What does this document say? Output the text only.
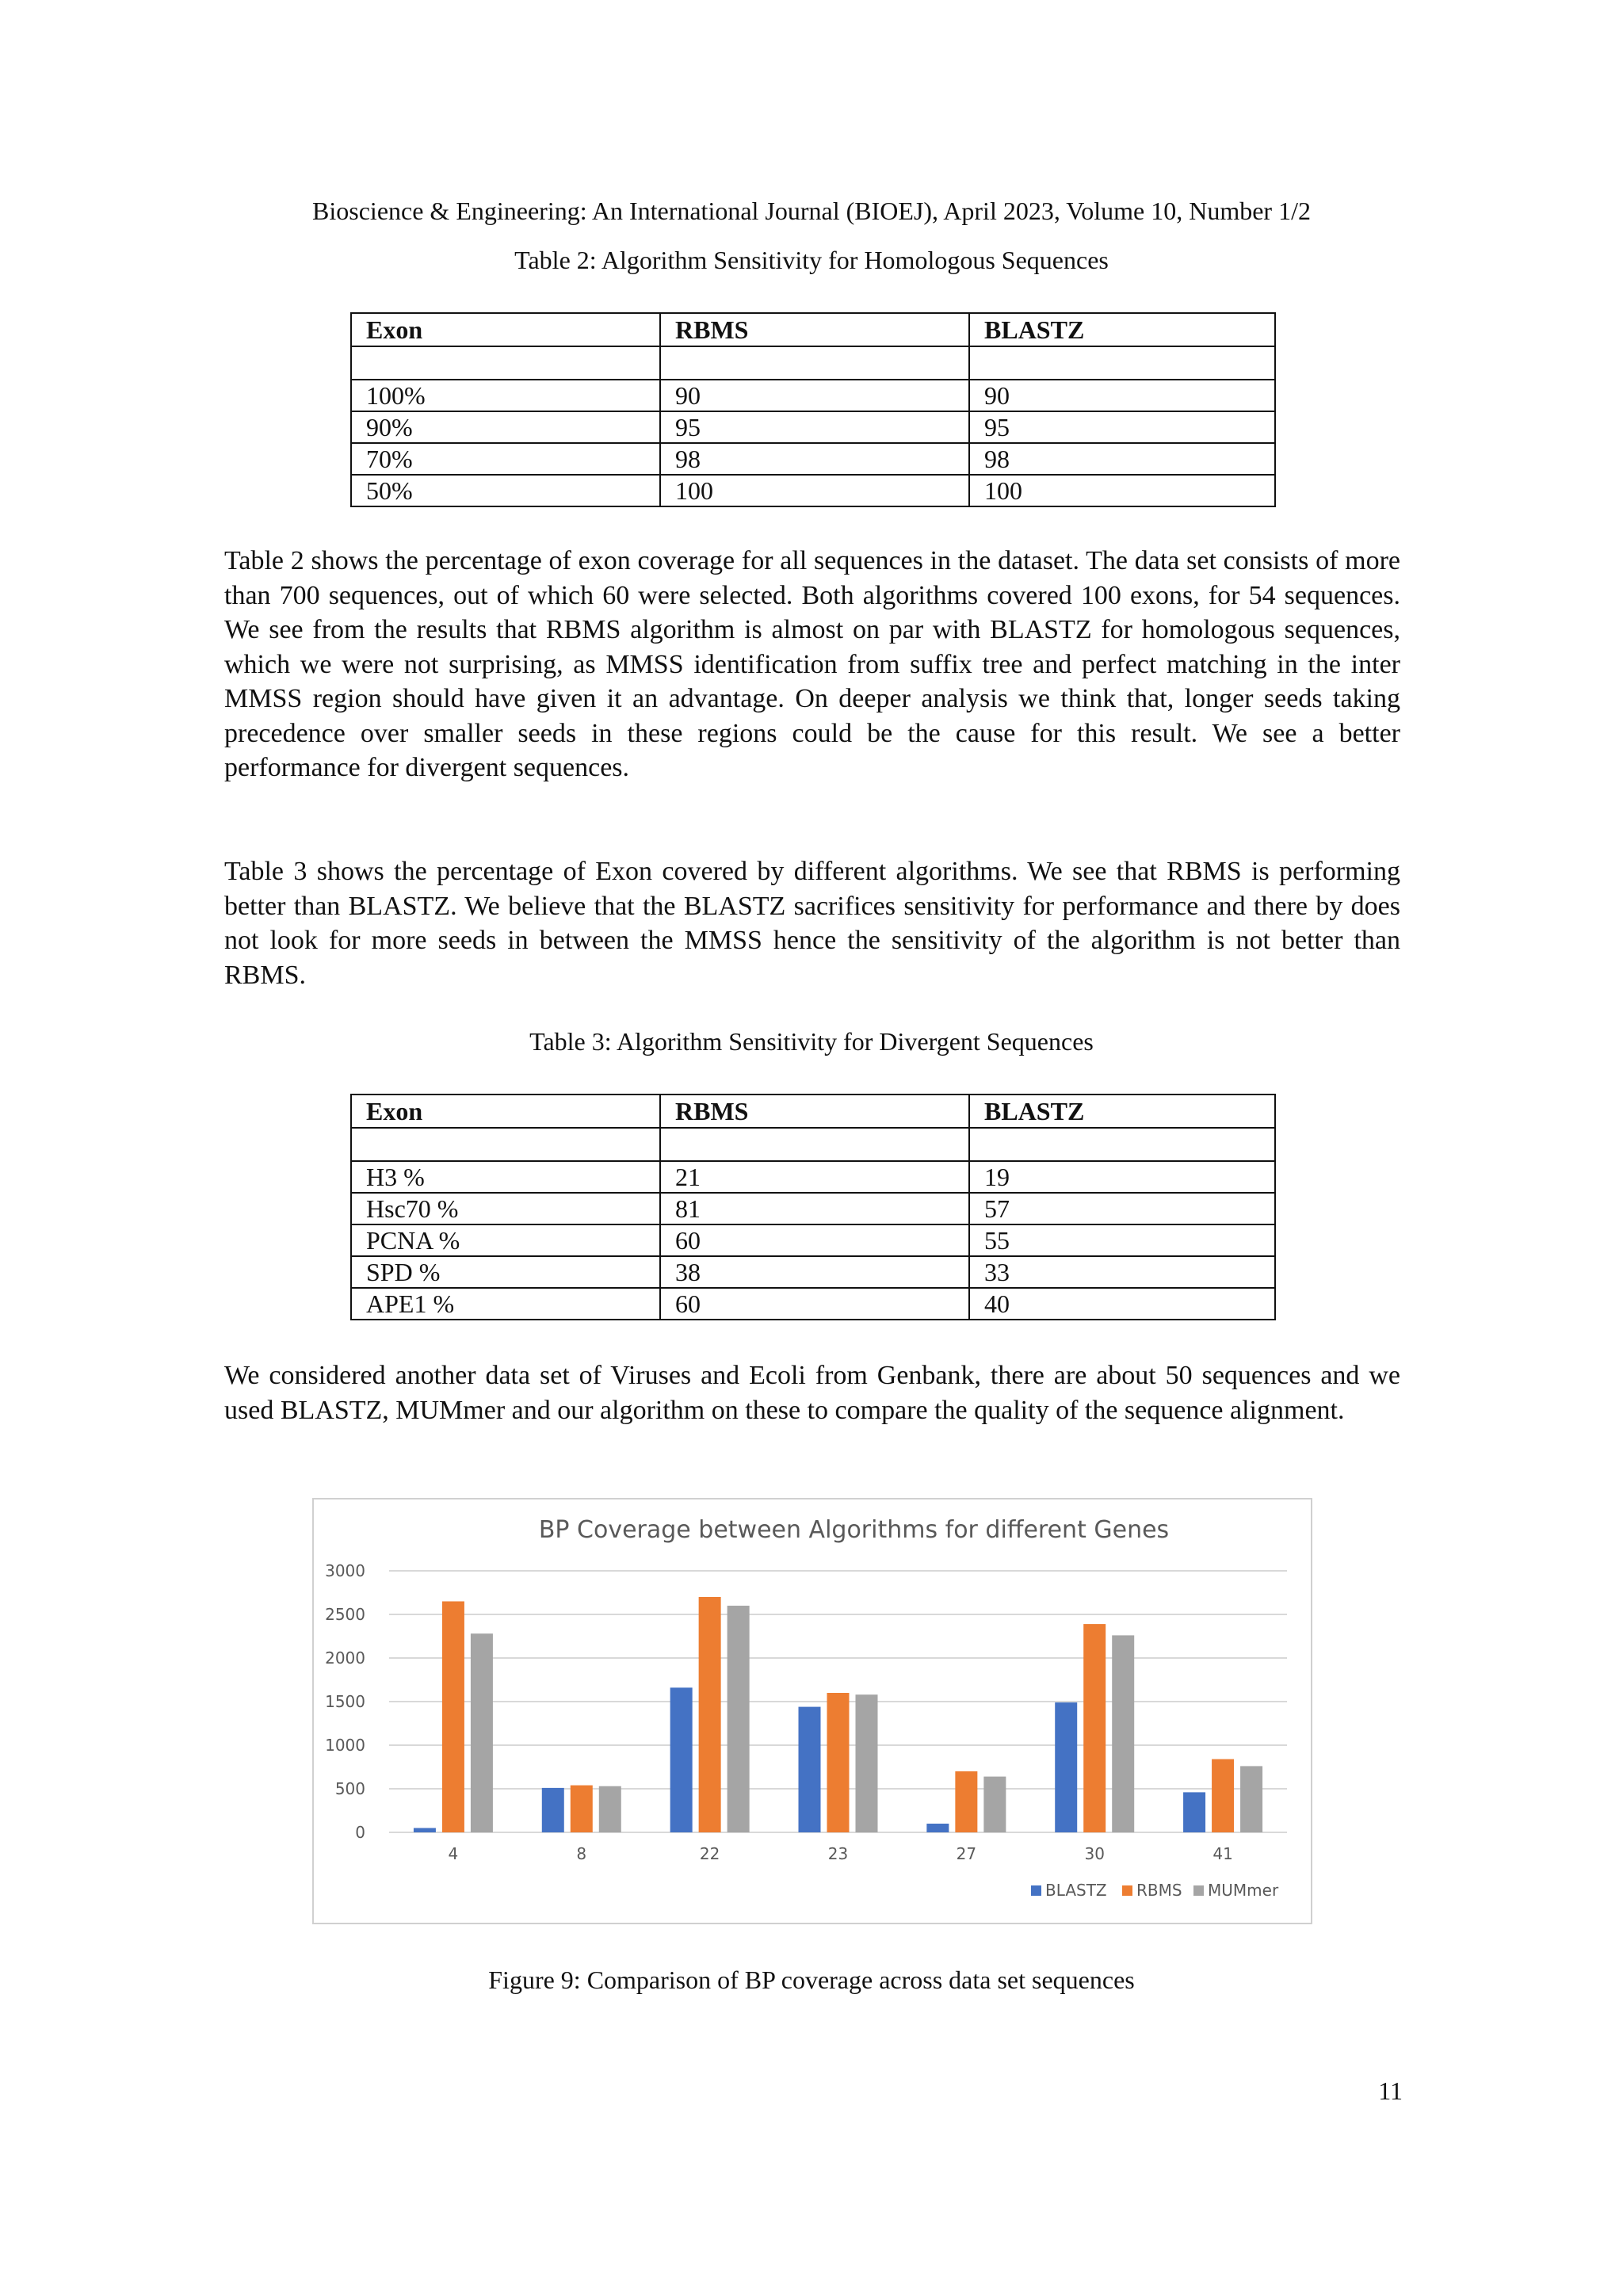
Bioscience & Engineering: An International Journal (BIOEJ), April 2023, Volume 10, Number 1/2
Table 2: Algorithm Sensitivity for Homologous Sequences
Exon	RBMS	BLASTZ

100%	90	90
90%	95	95
70%	98	98
50%	100	100
Table 2 shows the percentage of exon coverage for all sequences in the dataset. The data set consists of more than 700 sequences, out of which 60 were selected. Both algorithms covered 100 exons, for 54 sequences. We see from the results that RBMS algorithm is almost on par with BLASTZ for homologous sequences, which we were not surprising, as MMSS identification from suffix tree and perfect matching in the inter MMSS region should have given it an advantage. On deeper analysis we think that, longer seeds taking precedence over smaller seeds in these regions could be the cause for this result. We see a better performance for divergent sequences.
Table 3 shows the percentage of Exon covered by different algorithms. We see that RBMS is performing better than BLASTZ. We believe that the BLASTZ sacrifices sensitivity for performance and there by does not look for more seeds in between the MMSS hence the sensitivity of the algorithm is not better than RBMS.
Table 3: Algorithm Sensitivity for Divergent Sequences
Exon	RBMS	BLASTZ

H3 %	21	19
Hsc70 %	81	57
PCNA %	60	55
SPD %	38	33
APE1 %	60	40
We considered another data set of Viruses and Ecoli from Genbank, there are about 50 sequences and we used BLASTZ, MUMmer and our algorithm on these to compare the quality of the sequence alignment.
BP Coverage between Algorithms for different Genes
0
500
1000
1500
2000
2500
3000
4	8	22	23	27	30	41
BLASTZ RBMS MUMmer
Figure 9: Comparison of BP coverage across data set sequences
11
